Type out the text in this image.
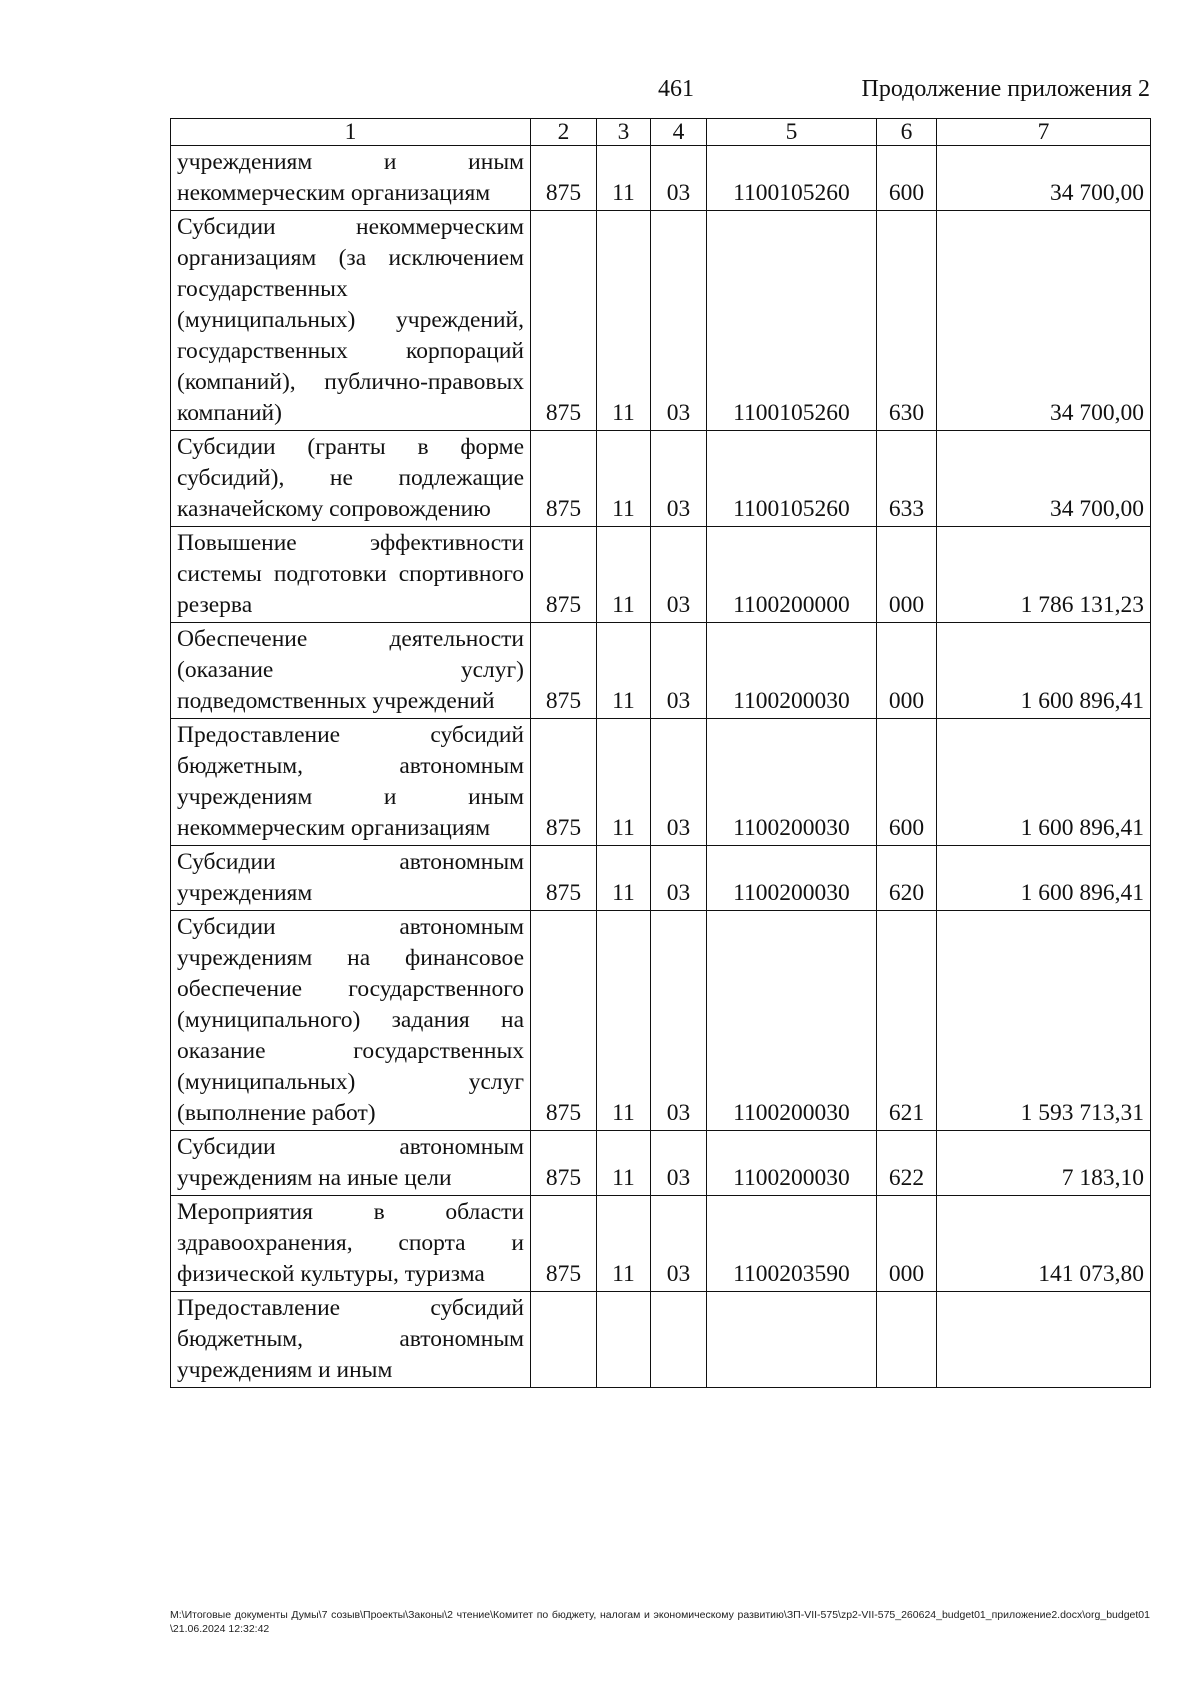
461	Продолжение приложения 2
1	2	3	4	5	6	7
учреждениям и иным некоммерческим организациям	875	11	03	1100105260	600	34 700,00
Субсидии некоммерческим организациям (за исключением государственных (муниципальных) учреждений, государственных корпораций (компаний), публично-правовых компаний)	875	11	03	1100105260	630	34 700,00
Субсидии (гранты в форме субсидий), не подлежащие казначейскому сопровождению	875	11	03	1100105260	633	34 700,00
Повышение эффективности системы подготовки спортивного резерва	875	11	03	1100200000	000	1 786 131,23
Обеспечение деятельности (оказание услуг) подведомственных учреждений	875	11	03	1100200030	000	1 600 896,41
Предоставление субсидий бюджетным, автономным учреждениям и иным некоммерческим организациям	875	11	03	1100200030	600	1 600 896,41
Субсидии автономным учреждениям	875	11	03	1100200030	620	1 600 896,41
Субсидии автономным учреждениям на финансовое обеспечение государственного (муниципального) задания на оказание государственных (муниципальных) услуг (выполнение работ)	875	11	03	1100200030	621	1 593 713,31
Субсидии автономным учреждениям на иные цели	875	11	03	1100200030	622	7 183,10
Мероприятия в области здравоохранения, спорта и физической культуры, туризма	875	11	03	1100203590	000	141 073,80
Предоставление субсидий бюджетным, автономным учреждениям и иным						
M:\Итоговые документы Думы\7 созыв\Проекты\Законы\2 чтение\Комитет по бюджету, налогам и экономическому развитию\ЗП-VII-575\zp2-VII-575_260624_budget01_приложение2.docx\org_budget01\21.06.2024 12:32:42
